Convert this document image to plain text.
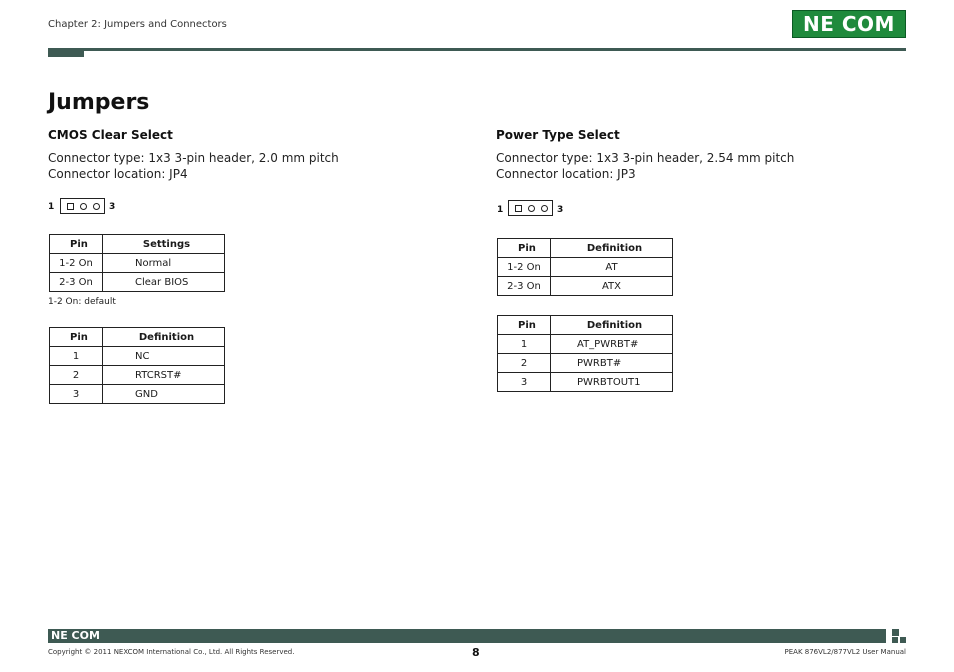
Chapter 2: Jumpers and Connectors	NE COM
Jumpers
CMOS Clear Select
Connector type: 1x3 3-pin header, 2.0 mm pitch
Connector location: JP4
1	3
Pin	Settings
1-2 On	Normal
2-3 On	Clear BIOS
1-2 On: default
Pin	Definition
1	NC
2	RTCRST#
3	GND
Power Type Select
Connector type: 1x3 3-pin header, 2.54 mm pitch
Connector location: JP3
1	3
Pin	Definition
1-2 On	AT
2-3 On	ATX
Pin	Definition
1	AT_PWRBT#
2	PWRBT#
3	PWRBTOUT1
NE COM
Copyright © 2011 NEXCOM International Co., Ltd. All Rights Reserved.	8	PEAK 876VL2/877VL2 User Manual
